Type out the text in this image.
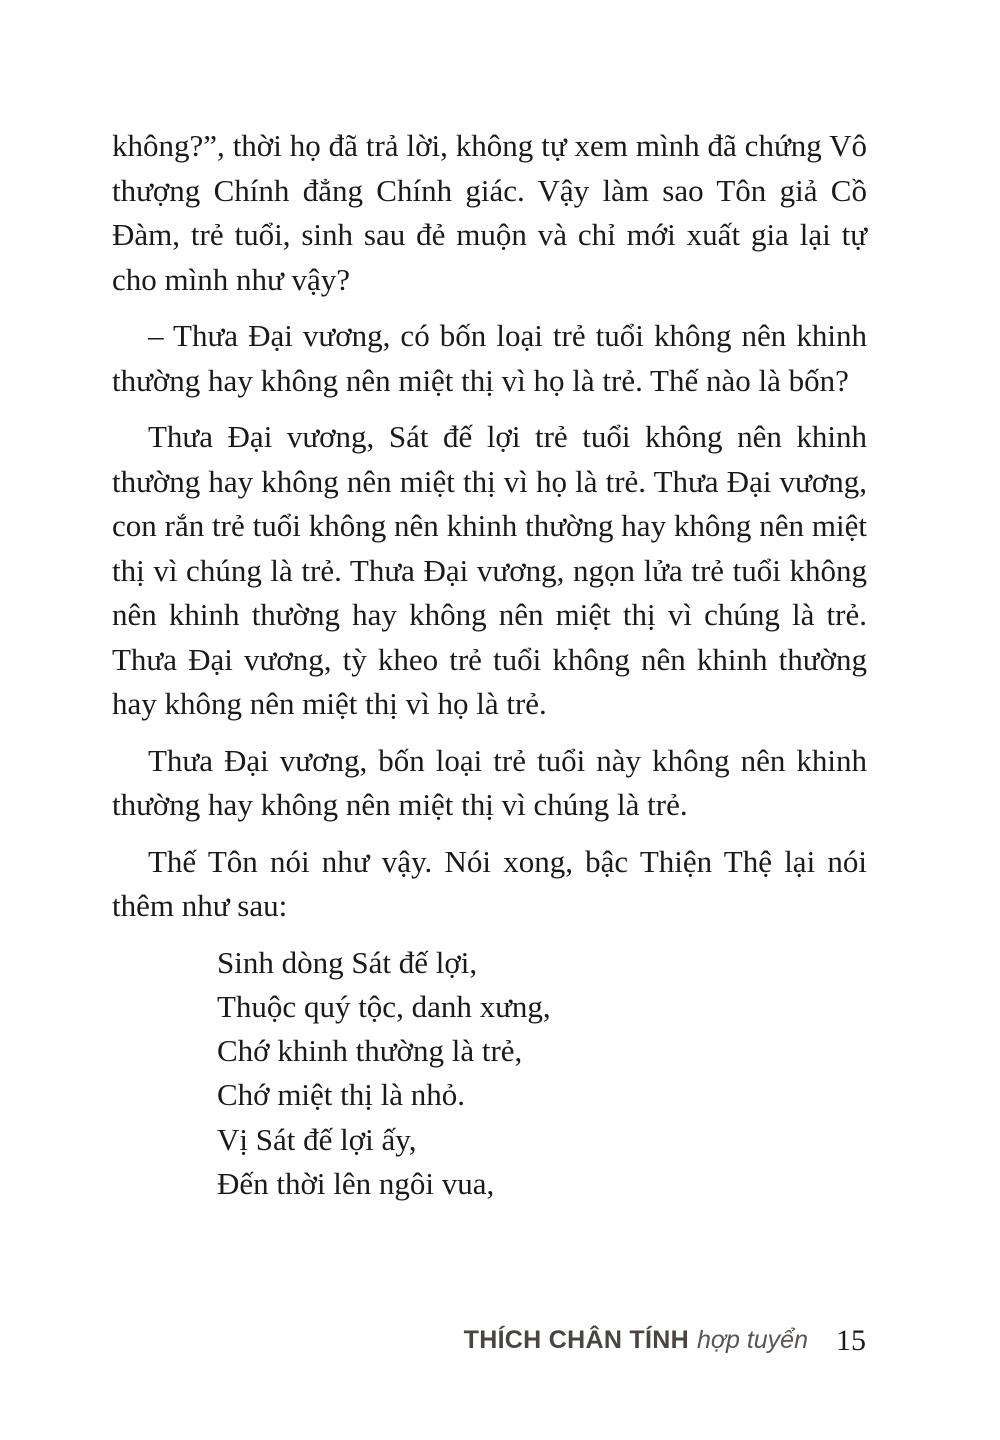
không?”, thời họ đã trả lời, không tự xem mình đã chứng Vô thượng Chính đẳng Chính giác. Vậy làm sao Tôn giả Cồ Đàm, trẻ tuổi, sinh sau đẻ muộn và chỉ mới xuất gia lại tự cho mình như vậy?

– Thưa Đại vương, có bốn loại trẻ tuổi không nên khinh thường hay không nên miệt thị vì họ là trẻ. Thế nào là bốn?

Thưa Đại vương, Sát đế lợi trẻ tuổi không nên khinh thường hay không nên miệt thị vì họ là trẻ. Thưa Đại vương, con rắn trẻ tuổi không nên khinh thường hay không nên miệt thị vì chúng là trẻ. Thưa Đại vương, ngọn lửa trẻ tuổi không nên khinh thường hay không nên miệt thị vì chúng là trẻ. Thưa Đại vương, tỳ kheo trẻ tuổi không nên khinh thường hay không nên miệt thị vì họ là trẻ.

Thưa Đại vương, bốn loại trẻ tuổi này không nên khinh thường hay không nên miệt thị vì chúng là trẻ.

Thế Tôn nói như vậy. Nói xong, bậc Thiện Thệ lại nói thêm như sau:

Sinh dòng Sát đế lợi,
Thuộc quý tộc, danh xưng,
Chớ khinh thường là trẻ,
Chớ miệt thị là nhỏ.
Vị Sát đế lợi ấy,
Đến thời lên ngôi vua,
THÍCH CHÂN TÍNH hợp tuyển 15
